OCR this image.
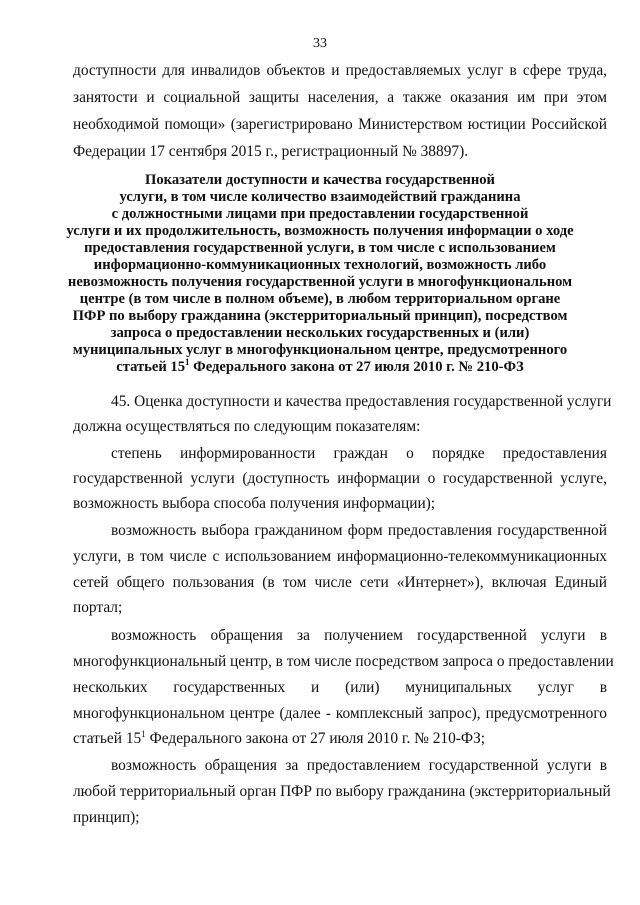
33
доступности для инвалидов объектов и предоставляемых услуг в сфере труда,
занятости и социальной защиты населения, а также оказания им при этом
необходимой помощи» (зарегистрировано Министерством юстиции Российской
Федерации 17 сентября 2015 г., регистрационный № 38897).
Показатели доступности и качества государственной
услуги, в том числе количество взаимодействий гражданина
с должностными лицами при предоставлении государственной
услуги и их продолжительность, возможность получения информации о ходе
предоставления государственной услуги, в том числе с использованием
информационно-коммуникационных технологий, возможность либо
невозможность получения государственной услуги в многофункциональном
центре (в том числе в полном объеме), в любом территориальном органе
ПФР по выбору гражданина (экстерриториальный принцип), посредством
запроса о предоставлении нескольких государственных и (или)
муниципальных услуг в многофункциональном центре, предусмотренного
статьей $15^1$ Федерального закона от 27 июля 2010 г. № 210-ФЗ
45. Оценка доступности и качества предоставления государственной услуги
должна осуществляться по следующим показателям:
степень информированности граждан о порядке предоставления
государственной услуги (доступность информации о государственной услуге,
возможность выбора способа получения информации);
возможность выбора гражданином форм предоставления государственной
услуги, в том числе с использованием информационно-телекоммуникационных
сетей общего пользования (в том числе сети «Интернет»), включая Единый
портал;
возможность обращения за получением государственной услуги в
многофункциональный центр, в том числе посредством запроса о предоставлении
нескольких государственных и (или) муниципальных услуг в
многофункциональном центре (далее - комплексный запрос), предусмотренного
статьей $15^1$ Федерального закона от 27 июля 2010 г. № 210-ФЗ;
возможность обращения за предоставлением государственной услуги в
любой территориальный орган ПФР по выбору гражданина (экстерриториальный
принцип);
